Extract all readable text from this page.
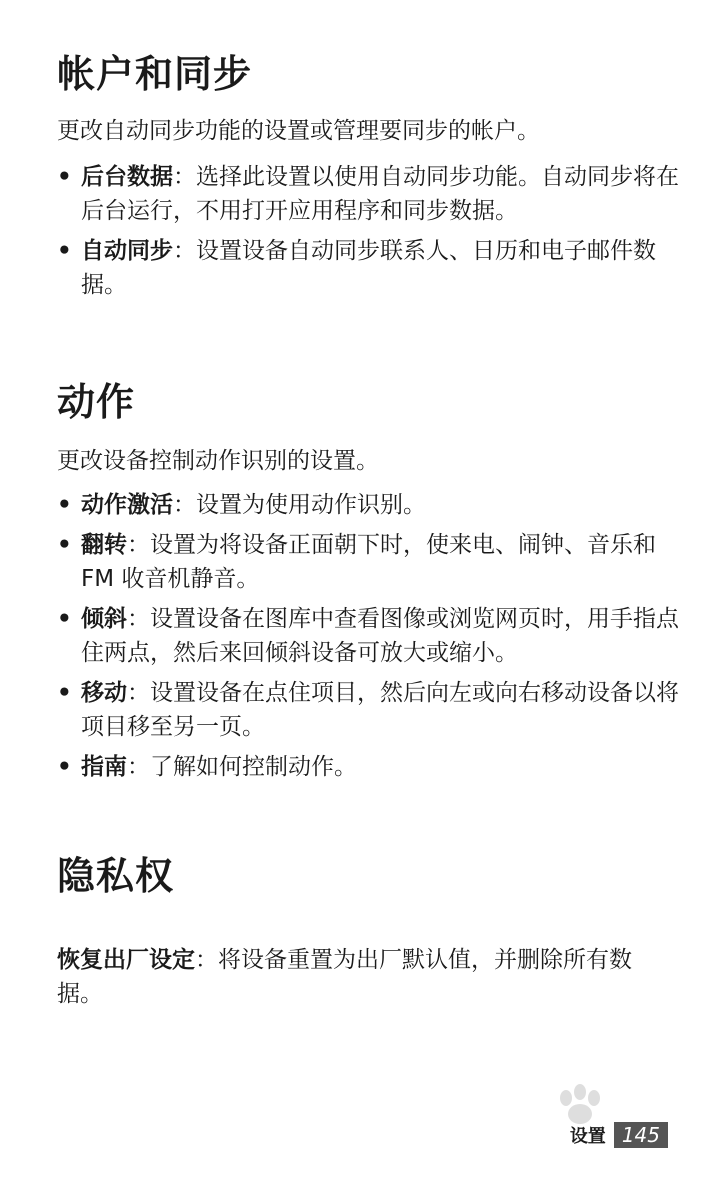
帐户和同步

更改自动同步功能的设置或管理要同步的帐户。

• 后台数据：选择此设置以使用自动同步功能。自动同步将在后台运行，不用打开应用程序和同步数据。
• 自动同步：设置设备自动同步联系人、日历和电子邮件数据。
动作

更改设备控制动作识别的设置。

• 动作激活：设置为使用动作识别。
• 翻转：设置为将设备正面朝下时，使来电、闹钟、音乐和 FM 收音机静音。
• 倾斜：设置设备在图库中查看图像或浏览网页时，用手指点住两点，然后来回倾斜设备可放大或缩小。
• 移动：设置设备在点住项目，然后向左或向右移动设备以将项目移至另一页。
• 指南：了解如何控制动作。
隐私权

恢复出厂设定：将设备重置为出厂默认值，并删除所有数据。

设置 145
